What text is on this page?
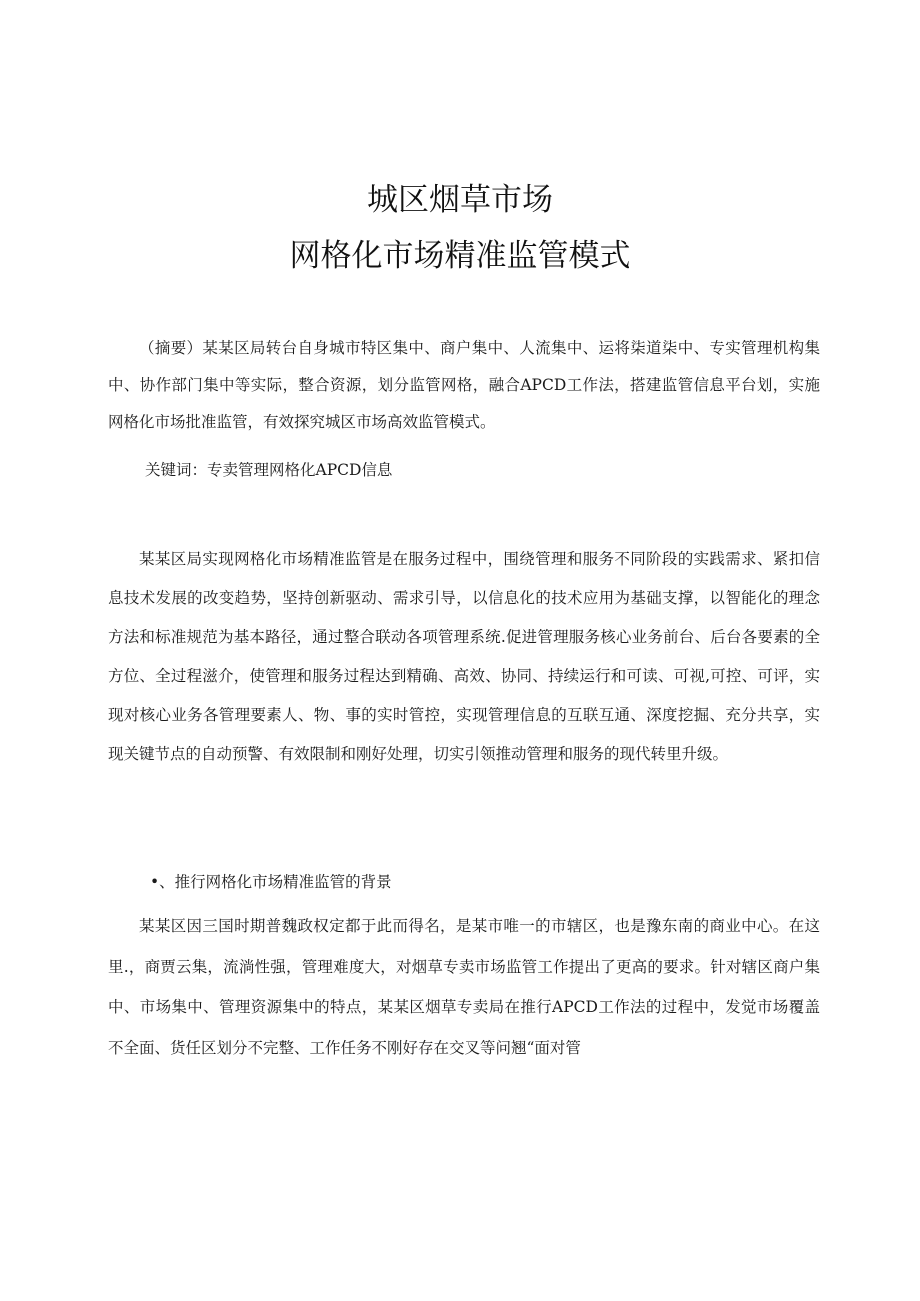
城区烟草市场
网格化市场精准监管模式

（摘要）某某区局转台自身城市特区集中、商户集中、人流集中、运将柒道柒中、专实管理机构集中、协作部门集中等实际，整合资源，划分监管网格，融合APCD工作法，搭建监管信息平台划，实施网格化市场批准监管，有效探究城区市场高效监管模式。

关键词：专卖管理网格化APCD信息

某某区局实现网格化市场精准监管是在服务过程中，围绕管理和服务不同阶段的实践需求、紧扣信息技术发展的改变趋势，坚持创新驱动、需求引导，以信息化的技术应用为基础支撑，以智能化的理念方法和标准规范为基本路径，通过整合联动各项管理系统.促进管理服务核心业务前台、后台各要素的全方位、全过程滋介，使管理和服务过程达到精确、高效、协同、持续运行和可读、可视,可控、可评，实现对核心业务各管理要素人、物、事的实时管控，实现管理信息的互联互通、深度挖掘、充分共享，实现关键节点的自动预警、有效限制和刚好处理，切实引领推动管理和服务的现代转里升级。

•、推行网格化市场精准监管的背景

某某区因三国时期普魏政权定都于此而得名，是某市唯一的市辖区，也是豫东南的商业中心。在这里.，商贾云集，流淌性强，管理难度大，对烟草专卖市场监管工作提出了更高的要求。针对辖区商户集中、市场集中、管理资源集中的特点，某某区烟草专卖局在推行APCD工作法的过程中，发觉市场覆盖不全面、货任区划分不完整、工作任务不刚好存在交叉等问翘“面对管
